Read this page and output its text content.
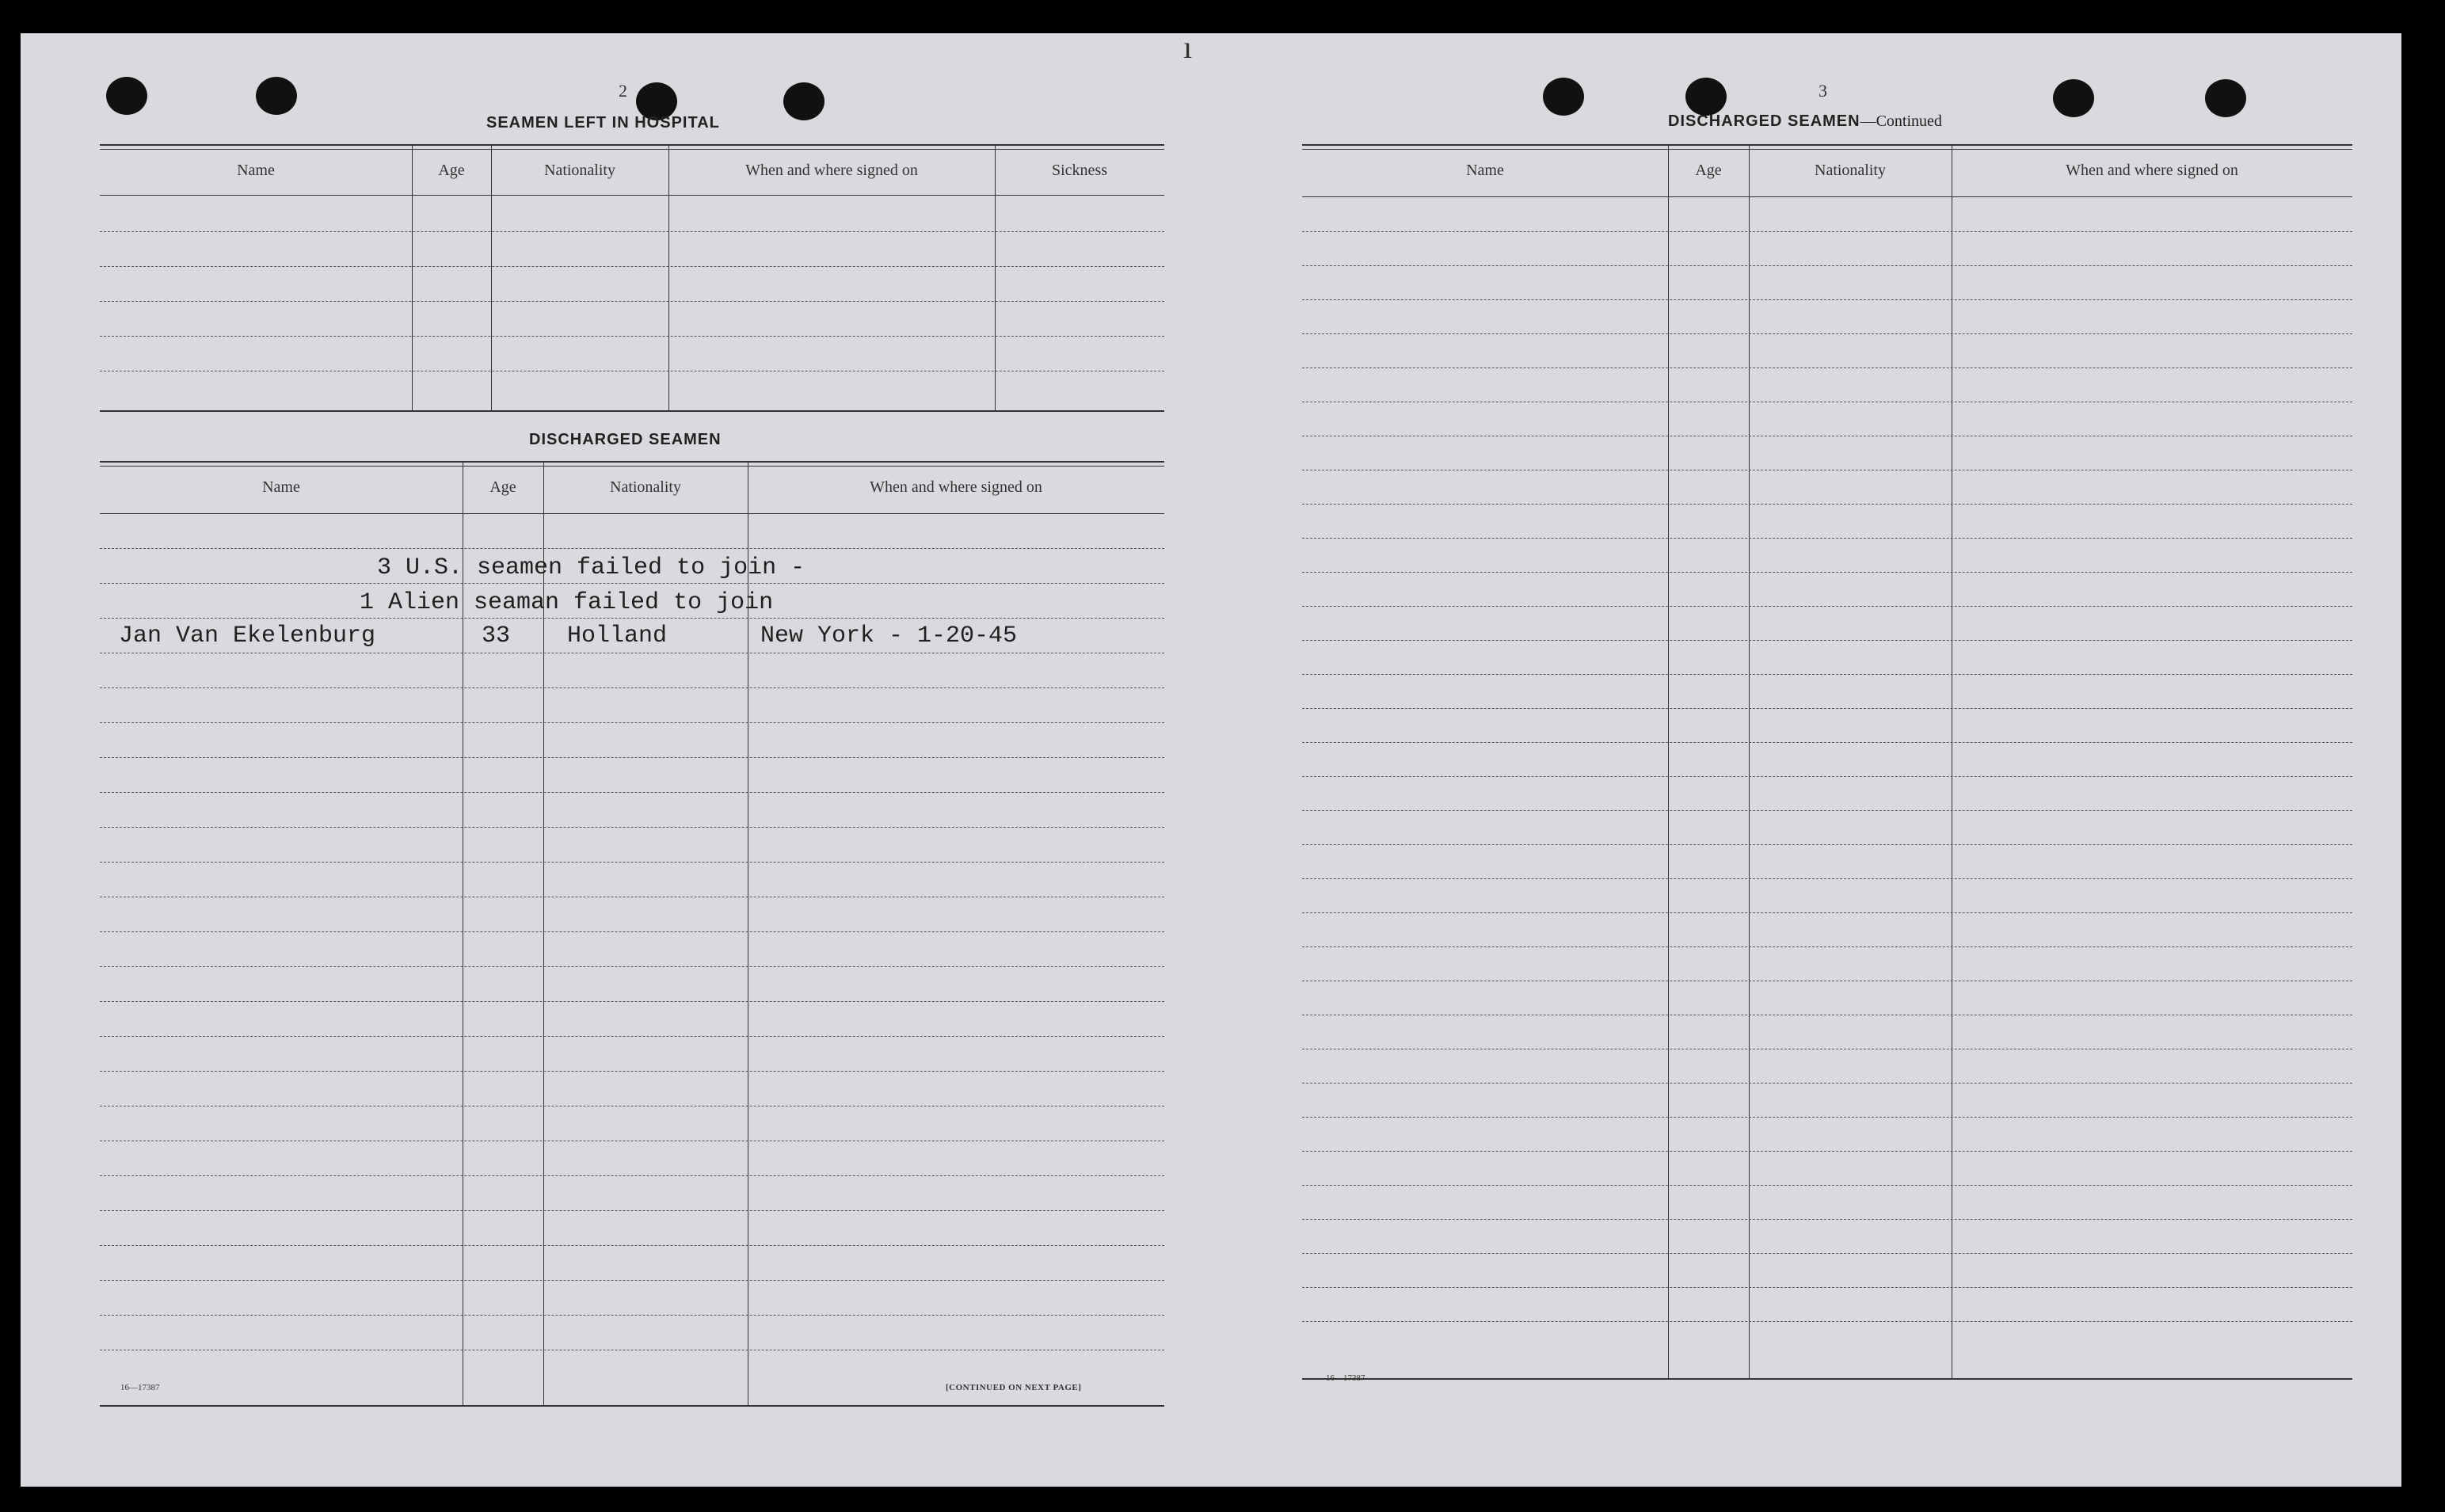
2
SEAMEN LEFT IN HOSPITAL
Name	Age	Nationality	When and where signed on	Sickness
DISCHARGED SEAMEN
Name	Age	Nationality	When and where signed on
3 U.S. seamen failed to join -
1 Alien seaman failed to join
Jan Van Ekelenburg	33 Holland	New York - 1-20-45
16—17387	[CONTINUED ON NEXT PAGE]
ı
3
DISCHARGED SEAMEN—Continued
Name	Age	Nationality	When and where signed on
16—17387
